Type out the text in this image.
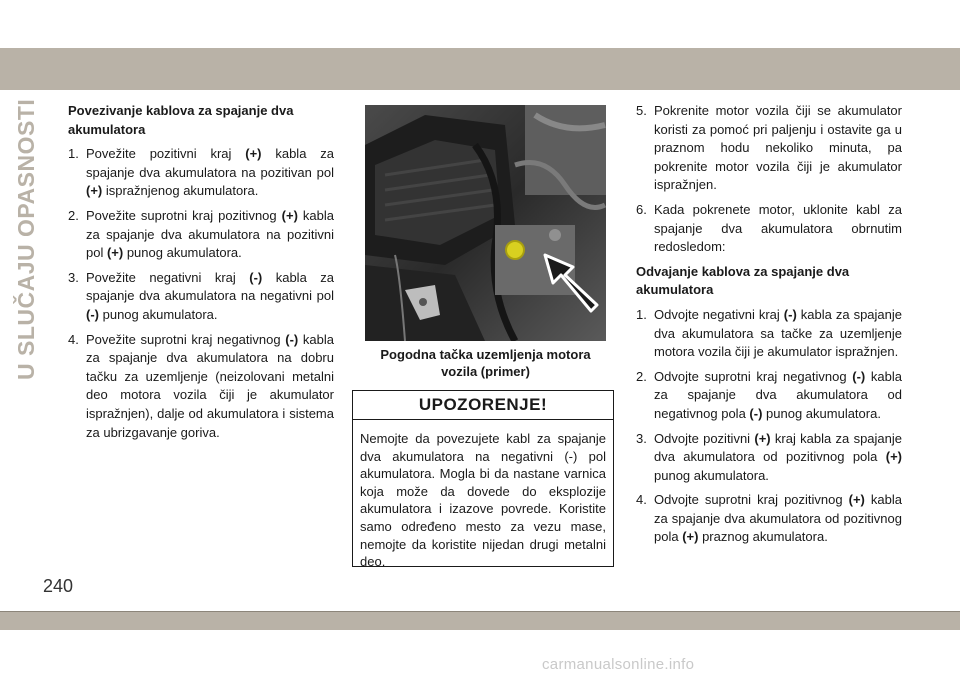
U SLUČAJU OPASNOSTI Povezivanje kablova za spajanje dva akumulatora
1. Povežite pozitivni kraj (+) kabla za spajanje dva akumulatora na pozitivan pol (+) ispražnjenog akumulatora.
2. Povežite suprotni kraj pozitivnog (+) kabla za spajanje dva akumulatora na pozitivni pol (+) punog akumulatora.
3. Povežite negativni kraj (-) kabla za spajanje dva akumulatora na negativni pol (-) punog akumulatora.
4. Povežite suprotni kraj negativnog (-) kabla za spajanje dva akumulatora na dobru tačku za uzemljenje (neizolovani metalni deo motora vozila čiji je akumulator ispražnjen), dalje od akumulatora i sistema za ubrizgavanje goriva.
Pogodna tačka uzemljenja motora vozila (primer)
UPOZORENJE!
Nemojte da povezujete kabl za spajanje dva akumulatora na negativni (-) pol akumulatora. Mogla bi da nastane varnica koja može da dovede do eksplozije akumulatora i izazove povrede. Koristite samo određeno mesto za vezu mase, nemojte da koristite nijedan drugi metalni deo.
5. Pokrenite motor vozila čiji se akumulator koristi za pomoć pri paljenju i ostavite ga u praznom hodu nekoliko minuta, pa pokrenite motor vozila čiji je akumulator ispražnjen.
6. Kada pokrenete motor, uklonite kabl za spajanje dva akumulatora obrnutim redosledom:
Odvajanje kablova za spajanje dva akumulatora
1. Odvojte negativni kraj (-) kabla za spajanje dva akumulatora sa tačke za uzemljenje motora vozila čiji je akumulator ispražnjen.
2. Odvojte suprotni kraj negativnog (-) kabla za spajanje dva akumulatora od negativnog pola (-) punog akumulatora.
3. Odvojte pozitivni (+) kraj kabla za spajanje dva akumulatora od pozitivnog pola (+) punog akumulatora.
4. Odvojte suprotni kraj pozitivnog (+) kabla za spajanje dva akumulatora od pozitivnog pola (+) praznog akumulatora.
240
carmanualsonline.info
